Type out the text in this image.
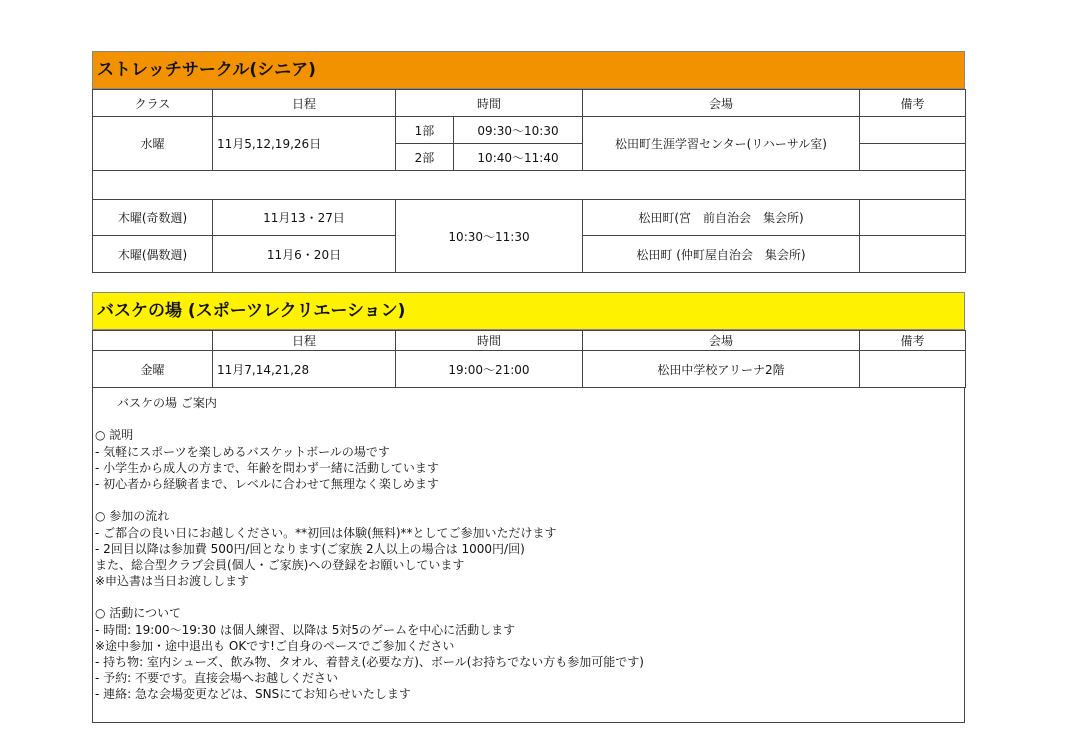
ストレッチサークル(シニア)
クラス	日程	時間		会場	備考
水曜	11月5,12,19,26日	1部	09:30〜10:30	松田町生涯学習センター(リハーサル室)	
		2部	10:40〜11:40		

木曜(奇数週)	11月13・27日	10:30〜11:30		松田町(宮　前自治会　集会所)	
木曜(偶数週)	11月6・20日			松田町 (仲町屋自治会　集会所)	
バスケの場 (スポーツレクリエーション)
	日程	時間	会場	備考
金曜	11月7,14,21,28	19:00〜21:00	松田中学校アリーナ2階	
バスケの場 ご案内
○ 説明
- 気軽にスポーツを楽しめるバスケットボールの場です
- 小学生から成人の方まで、年齢を問わず一緒に活動しています
- 初心者から経験者まで、レベルに合わせて無理なく楽しめます
○ 参加の流れ
- ご都合の良い日にお越しください。**初回は体験(無料)**としてご参加いただけます
- 2回目以降は参加費 500円/回となります(ご家族 2人以上の場合は 1000円/回)
また、総合型クラブ会員(個人・ご家族)への登録をお願いしています
※申込書は当日お渡しします
○ 活動について
- 時間: 19:00〜19:30 は個人練習、以降は 5対5のゲームを中心に活動します
※途中参加・途中退出も OKです!ご自身のペースでご参加ください
- 持ち物: 室内シューズ、飲み物、タオル、着替え(必要な方)、ボール(お持ちでない方も参加可能です)
- 予約: 不要です。直接会場へお越しください
- 連絡: 急な会場変更などは、SNSにてお知らせいたします
